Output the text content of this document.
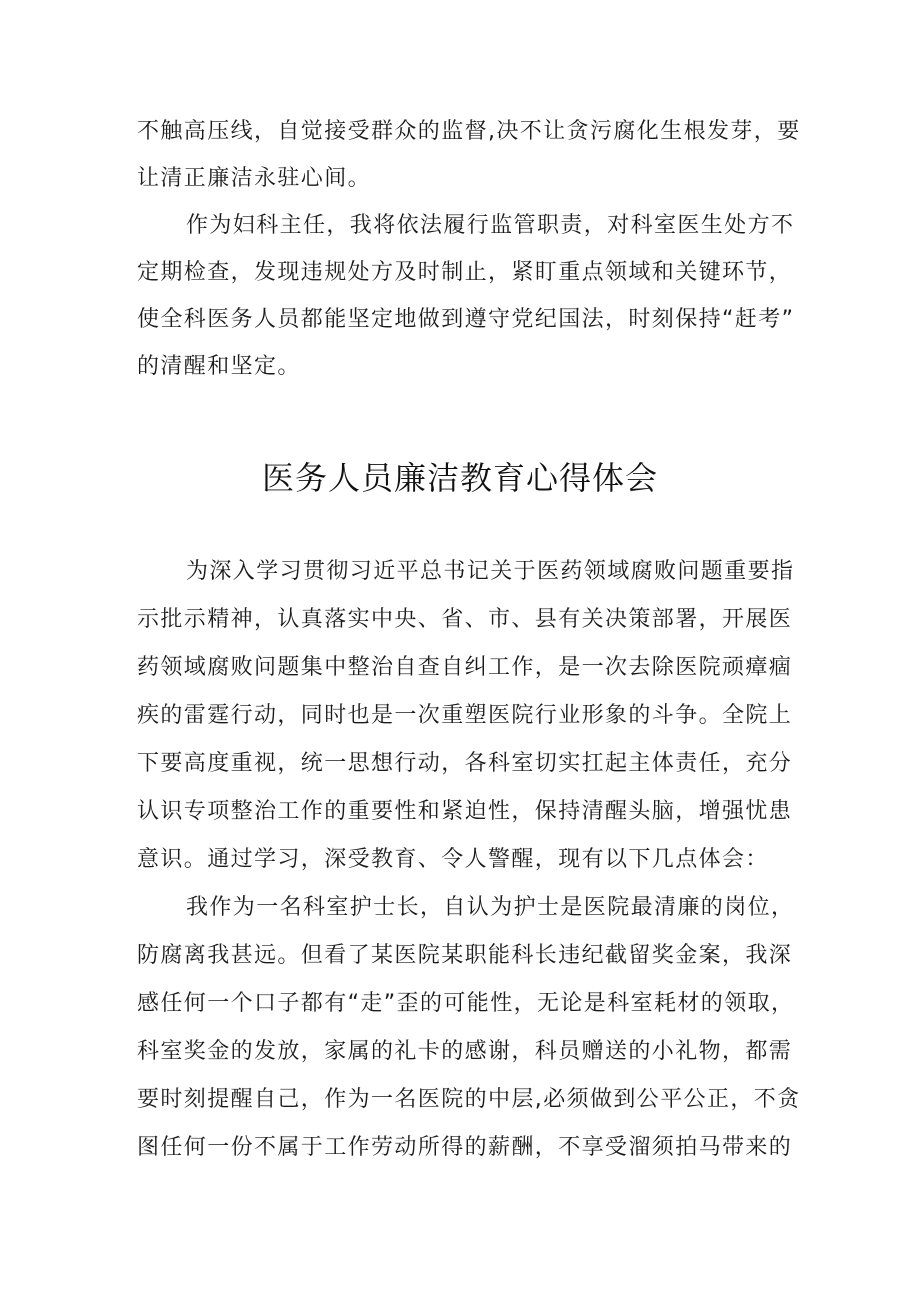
不触高压线，自觉接受群众的监督,决不让贪污腐化生根发芽，要
让清正廉洁永驻心间。
作为妇科主任，我将依法履行监管职责，对科室医生处方不
定期检查，发现违规处方及时制止，紧盯重点领域和关键环节，
使全科医务人员都能坚定地做到遵守党纪国法，时刻保持“赶考”
的清醒和坚定。
医务人员廉洁教育心得体会
为深入学习贯彻习近平总书记关于医药领域腐败问题重要指
示批示精神，认真落实中央、省、市、县有关决策部署，开展医
药领域腐败问题集中整治自查自纠工作，是一次去除医院顽瘴痼
疾的雷霆行动，同时也是一次重塑医院行业形象的斗争。全院上
下要高度重视，统一思想行动，各科室切实扛起主体责任，充分
认识专项整治工作的重要性和紧迫性，保持清醒头脑，增强忧患
意识。通过学习，深受教育、令人警醒，现有以下几点体会：
我作为一名科室护士长，自认为护士是医院最清廉的岗位，
防腐离我甚远。但看了某医院某职能科长违纪截留奖金案，我深
感任何一个口子都有“走”歪的可能性，无论是科室耗材的领取，
科室奖金的发放，家属的礼卡的感谢，科员赠送的小礼物，都需
要时刻提醒自己，作为一名医院的中层,必须做到公平公正，不贪
图任何一份不属于工作劳动所得的薪酬，不享受溜须拍马带来的
